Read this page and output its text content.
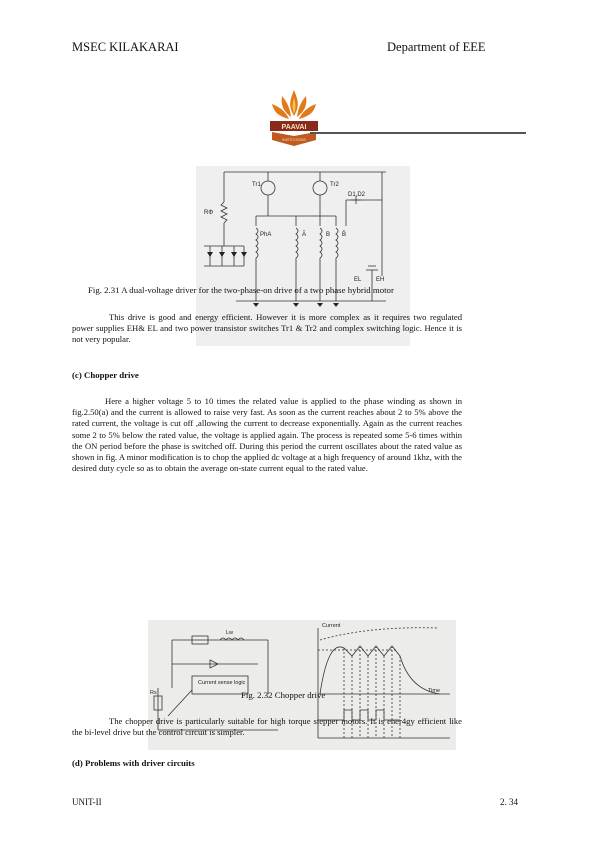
MSEC KILAKARAI	Department of EEE
PAAVAI
INSTITUTIONS
Tr1	Tr2
D1,D2
RΦ
PhA	Ā	B B̄
EL EH
Fig. 2.31 A dual-voltage driver for the two-phase-on drive of a two phase hybrid motor

This drive is good and energy efficient. However it is more complex as it requires two regulated power supplies EH& EL and two power transistor switches Tr1 & Tr2 and complex switching logic. Hence it is not very popular.

(c) Chopper drive

Here a higher voltage 5 to 10 times the related value is applied to the phase winding as shown in fig.2.50(a) and the current is allowed to raise very fast. As soon as the current reaches about 2 to 5% above the rated current, the voltage is cut off ,allowing the current to decrease exponentially. Again as the current reaches some 2 to 5% below the rated value, the voltage is applied again. The process is repeated some 5-6 times within the ON period before the phase is switched off. During this period the current oscillates about the rated value as shown in fig. A minor modification is to chop the applied dc voltage at a high frequency of around 1khz, with the desired duty cycle so as to obtain the average on-state current equal to the rated value.

Current
Time
Current sense logic
Rs
Lw
Fig. 2.32 Chopper drive

The chopper drive is particularly suitable for high torque stepper motors. It is ener4gy efficient like the bi-level drive but the control circuit is simpler.

(d) Problems with driver circuits
UNIT-II	2. 34
